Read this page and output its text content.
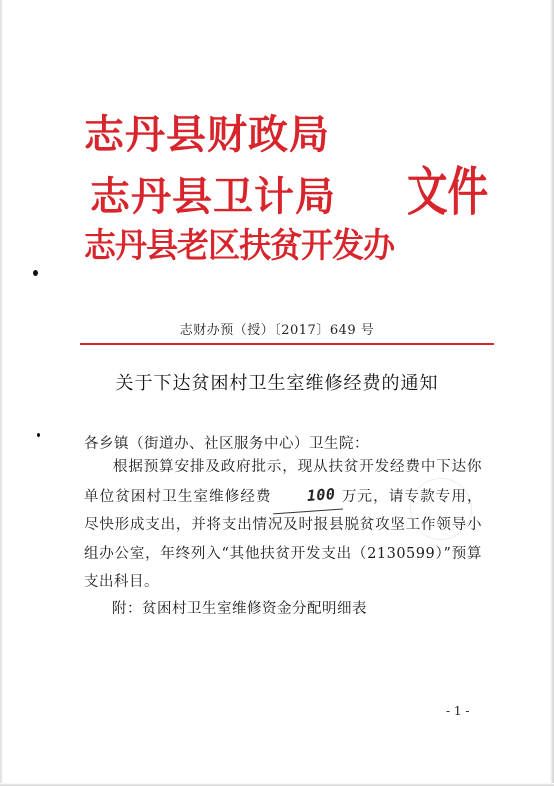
志丹县财政局
志丹县卫计局
志丹县老区扶贫开发办
文件
志财办预（授）〔2017〕649 号
关于下达贫困村卫生室维修经费的通知
各乡镇（街道办、社区服务中心）卫生院：

根据预算安排及政府批示，现从扶贫开发经费中下达你单位贫困村卫生室维修经费 100 万元，请专款专用，尽快形成支出，并将支出情况及时报县脱贫攻坚工作领导小组办公室，年终列入“其他扶贫开发支出（2130599）”预算支出科目。

附：贫困村卫生室维修资金分配明细表
- 1 -
